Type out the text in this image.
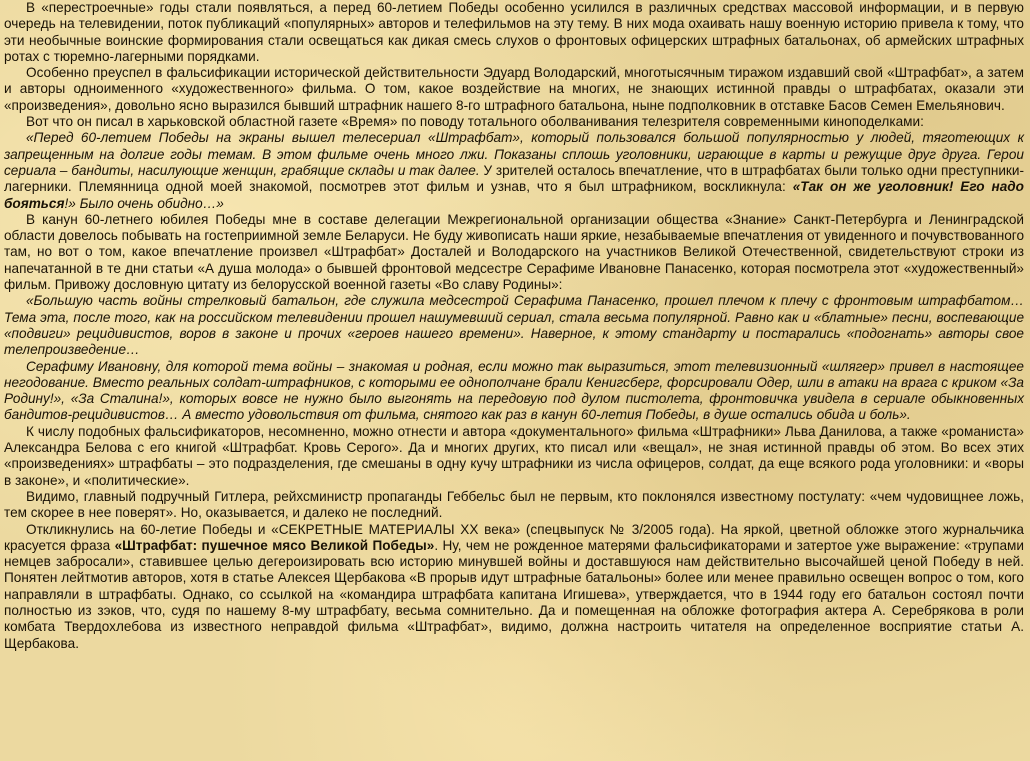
В «перестроечные» годы стали появляться, а перед 60-летием Победы особенно усилился в различных средствах массовой информации, и в первую очередь на телевидении, поток публикаций «популярных» авторов и телефильмов на эту тему. В них мода охаивать нашу военную историю привела к тому, что эти необычные воинские формирования стали освещаться как дикая смесь слухов о фронтовых офицерских штрафных батальонах, об армейских штрафных ротах с тюремно-лагерными порядками.

Особенно преуспел в фальсификации исторической действительности Эдуард Володарский, многотысячным тиражом издавший свой «Штрафбат», а затем и авторы одноименного «художественного» фильма. О том, какое воздействие на многих, не знающих истинной правды о штрафбатах, оказали эти «произведения», довольно ясно выразился бывший штрафник нашего 8-го штрафного батальона, ныне подполковник в отставке Басов Семен Емельянович.

Вот что он писал в харьковской областной газете «Время» по поводу тотального оболванивания телезрителя современными киноподелками:

«Перед 60-летием Победы на экраны вышел телесериал «Штрафбат», который пользовался большой популярностью у людей, тяготеющих к запрещенным на долгие годы темам. В этом фильме очень много лжи. Показаны сплошь уголовники, играющие в карты и режущие друг друга. Герои сериала – бандиты, насилующие женщин, грабящие склады и так далее. У зрителей осталось впечатление, что в штрафбатах были только одни преступники-лагерники. Племянница одной моей знакомой, посмотрев этот фильм и узнав, что я был штрафником, воскликнула: «Так он же уголовник! Его надо бояться!» Было очень обидно…»

В канун 60-летнего юбилея Победы мне в составе делегации Межрегиональной организации общества «Знание» Санкт-Петербурга и Ленинградской области довелось побывать на гостеприимной земле Беларуси. Не буду живописать наши яркие, незабываемые впечатления от увиденного и почувствованного там, но вот о том, какое впечатление произвел «Штрафбат» Досталей и Володарского на участников Великой Отечественной, свидетельствуют строки из напечатанной в те дни статьи «А душа молода» о бывшей фронтовой медсестре Серафиме Ивановне Панасенко, которая посмотрела этот «художественный» фильм. Привожу дословную цитату из белорусской военной газеты «Во славу Родины»:

«Большую часть войны стрелковый батальон, где служила медсестрой Серафима Панасенко, прошел плечом к плечу с фронтовым штрафбатом… Тема эта, после того, как на российском телевидении прошел нашумевший сериал, стала весьма популярной. Равно как и «блатные» песни, воспевающие «подвиги» рецидивистов, воров в законе и прочих «героев нашего времени». Наверное, к этому стандарту и постарались «подогнать» авторы свое телепроизведение…

Серафиму Ивановну, для которой тема войны – знакомая и родная, если можно так выразиться, этот телевизионный «шлягер» привел в настоящее негодование. Вместо реальных солдат-штрафников, с которыми ее однополчане брали Кенигсберг, форсировали Одер, шли в атаки на врага с криком «За Родину!», «За Сталина!», которых вовсе не нужно было выгонять на передовую под дулом пистолета, фронтовичка увидела в сериале обыкновенных бандитов-рецидивистов… А вместо удовольствия от фильма, снятого как раз в канун 60-летия Победы, в душе остались обида и боль».

К числу подобных фальсификаторов, несомненно, можно отнести и автора «документального» фильма «Штрафники» Льва Данилова, а также «романиста» Александра Белова с его книгой «Штрафбат. Кровь Серого». Да и многих других, кто писал или «вещал», не зная истинной правды об этом. Во всех этих «произведениях» штрафбаты – это подразделения, где смешаны в одну кучу штрафники из числа офицеров, солдат, да еще всякого рода уголовники: и «воры в законе», и «политические».

Видимо, главный подручный Гитлера, рейхсминистр пропаганды Геббельс был не первым, кто поклонялся известному постулату: «чем чудовищнее ложь, тем скорее в нее поверят». Но, оказывается, и далеко не последний.

Откликнулись на 60-летие Победы и «СЕКРЕТНЫЕ МАТЕРИАЛЫ XX века» (спецвыпуск № 3/2005 года). На яркой, цветной обложке этого журнальчика красуется фраза «Штрафбат: пушечное мясо Великой Победы». Ну, чем не рожденное матерями фальсификаторами и затертое уже выражение: «трупами немцев забросали», ставившее целью дегероизировать всю историю минувшей войны и доставшуюся нам действительно высочайшей ценой Победу в ней. Понятен лейтмотив авторов, хотя в статье Алексея Щербакова «В прорыв идут штрафные батальоны» более или менее правильно освещен вопрос о том, кого направляли в штрафбаты. Однако, со ссылкой на «командира штрафбата капитана Игишева», утверждается, что в 1944 году его батальон состоял почти полностью из зэков, что, судя по нашему 8-му штрафбату, весьма сомнительно. Да и помещенная на обложке фотография актера А. Серебрякова в роли комбата Твердохлебова из известного неправдой фильма «Штрафбат», видимо, должна настроить читателя на определенное восприятие статьи А. Щербакова.
